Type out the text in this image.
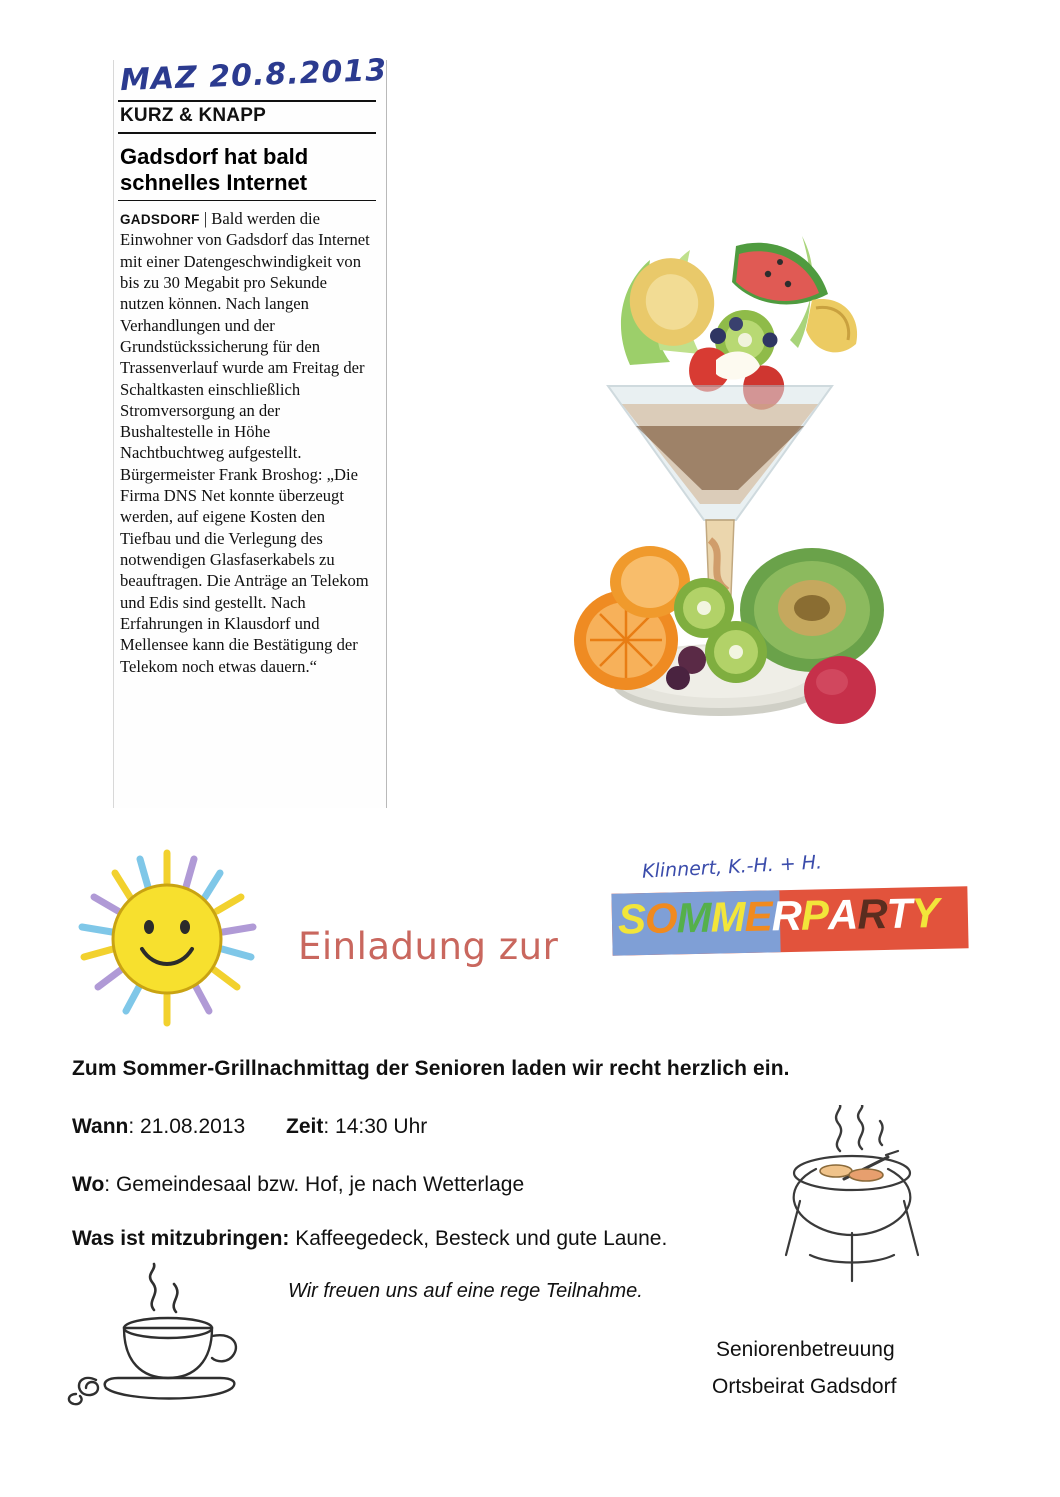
MAZ 20.8.2013
KURZ & KNAPP
Gadsdorf hat bald schnelles Internet
GADSDORF | Bald werden die Einwohner von Gadsdorf das Internet mit einer Datengeschwindigkeit von bis zu 30 Megabit pro Sekunde nutzen können. Nach langen Verhandlungen und der Grundstückssicherung für den Trassenverlauf wurde am Freitag der Schaltkasten einschließlich Stromversorgung an der Bushaltestelle in Höhe Nachtbuchtweg aufgestellt. Bürgermeister Frank Broshog: „Die Firma DNS Net konnte überzeugt werden, auf eigene Kosten den Tiefbau und die Verlegung des notwendigen Glasfaserkabels zu beauftragen. Die Anträge an Telekom und Edis sind gestellt. Nach Erfahrungen in Klausdorf und Mellensee kann die Bestätigung der Telekom noch etwas dauern.“
Einladung zur
Klinnert, K.-H. + H.
SOMMERPARTY
Zum Sommer-Grillnachmittag der Senioren laden wir recht herzlich ein.
Wann: 21.08.2013 Zeit: 14:30 Uhr
Wo: Gemeindesaal bzw. Hof, je nach Wetterlage
Was ist mitzubringen: Kaffeegedeck, Besteck und gute Laune.
Wir freuen uns auf eine rege Teilnahme.
Seniorenbetreuung
Ortsbeirat Gadsdorf
